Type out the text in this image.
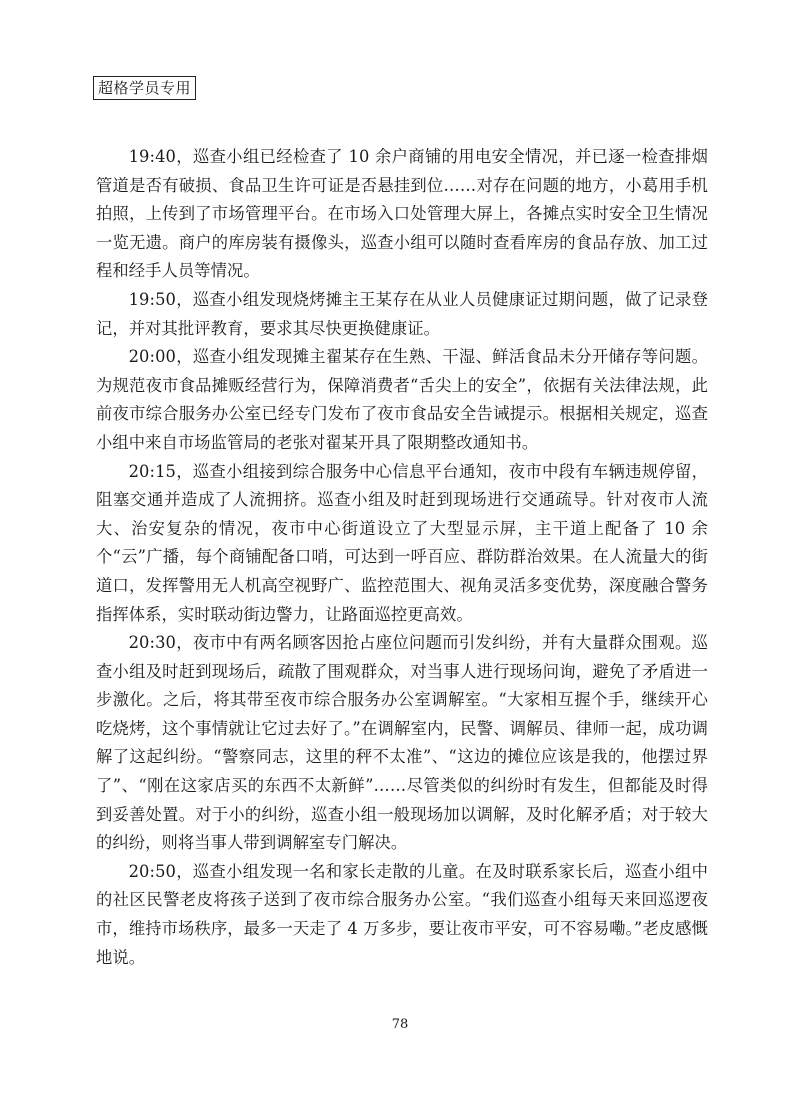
超格学员专用

19:40，巡查小组已经检查了 10 余户商铺的用电安全情况，并已逐一检查排烟管道是否有破损、食品卫生许可证是否悬挂到位……对存在问题的地方，小葛用手机拍照，上传到了市场管理平台。在市场入口处管理大屏上，各摊点实时安全卫生情况一览无遗。商户的库房装有摄像头，巡查小组可以随时查看库房的食品存放、加工过程和经手人员等情况。

19:50，巡查小组发现烧烤摊主王某存在从业人员健康证过期问题，做了记录登记，并对其批评教育，要求其尽快更换健康证。

20:00，巡查小组发现摊主翟某存在生熟、干湿、鲜活食品未分开储存等问题。为规范夜市食品摊贩经营行为，保障消费者“舌尖上的安全”，依据有关法律法规，此前夜市综合服务办公室已经专门发布了夜市食品安全告诫提示。根据相关规定，巡查小组中来自市场监管局的老张对翟某开具了限期整改通知书。

20:15，巡查小组接到综合服务中心信息平台通知，夜市中段有车辆违规停留，阻塞交通并造成了人流拥挤。巡查小组及时赶到现场进行交通疏导。针对夜市人流大、治安复杂的情况，夜市中心街道设立了大型显示屏，主干道上配备了 10 余个“云”广播，每个商铺配备口哨，可达到一呼百应、群防群治效果。在人流量大的街道口，发挥警用无人机高空视野广、监控范围大、视角灵活多变优势，深度融合警务指挥体系，实时联动街边警力，让路面巡控更高效。

20:30，夜市中有两名顾客因抢占座位问题而引发纠纷，并有大量群众围观。巡查小组及时赶到现场后，疏散了围观群众，对当事人进行现场问询，避免了矛盾进一步激化。之后，将其带至夜市综合服务办公室调解室。“大家相互握个手，继续开心吃烧烤，这个事情就让它过去好了。”在调解室内，民警、调解员、律师一起，成功调解了这起纠纷。“警察同志，这里的秤不太准”、“这边的摊位应该是我的，他摆过界了”、“刚在这家店买的东西不太新鲜”……尽管类似的纠纷时有发生，但都能及时得到妥善处置。对于小的纠纷，巡查小组一般现场加以调解，及时化解矛盾；对于较大的纠纷，则将当事人带到调解室专门解决。

20:50，巡查小组发现一名和家长走散的儿童。在及时联系家长后，巡查小组中的社区民警老皮将孩子送到了夜市综合服务办公室。“我们巡查小组每天来回巡逻夜市，维持市场秩序，最多一天走了 4 万多步，要让夜市平安，可不容易嘞。”老皮感慨地说。

78
